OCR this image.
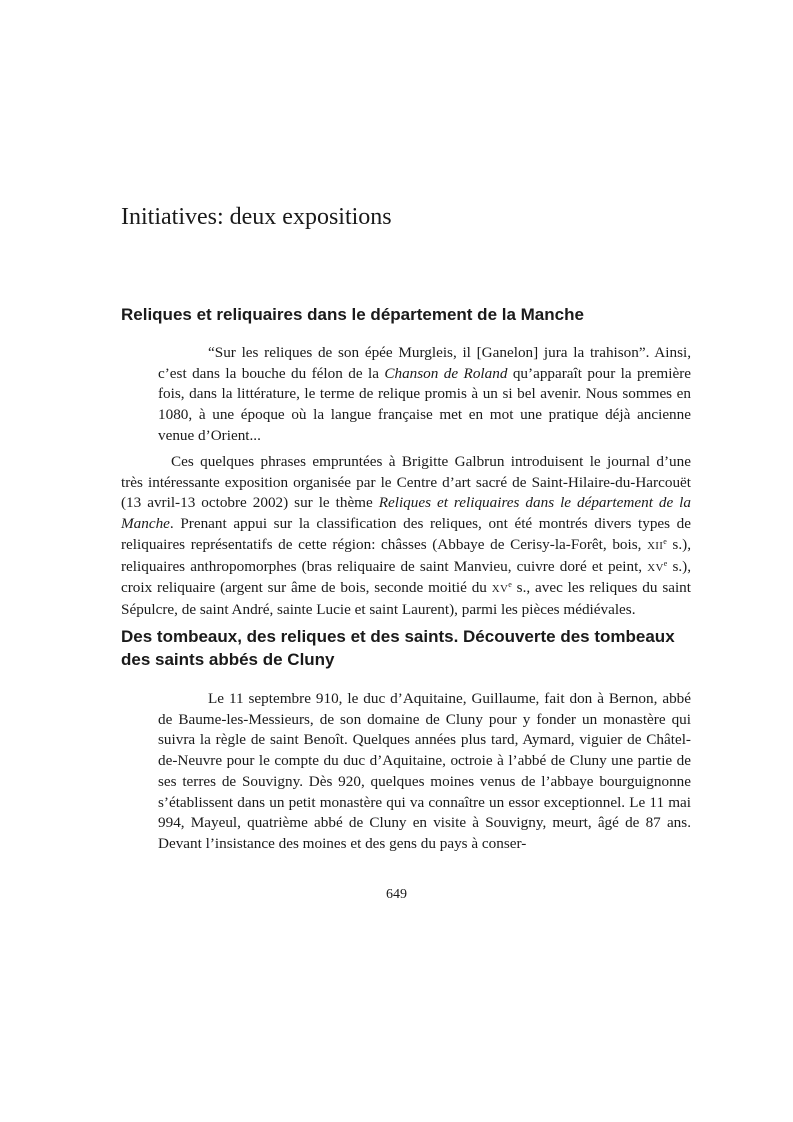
Initiatives: deux expositions
Reliques et reliquaires dans le département de la Manche

“Sur les reliques de son épée Murgleis, il [Ganelon] jura la trahison”. Ainsi, c’est dans la bouche du félon de la Chanson de Roland qu’apparaît pour la première fois, dans la littérature, le terme de relique promis à un si bel avenir. Nous sommes en 1080, à une époque où la langue française met en mot une pratique déjà ancienne venue d’Orient...

Ces quelques phrases empruntées à Brigitte Galbrun introduisent le journal d’une très intéressante exposition organisée par le Centre d’art sacré de Saint-Hilaire-du-Harcouët (13 avril-13 octobre 2002) sur le thème Reliques et reliquaires dans le département de la Manche. Prenant appui sur la classification des reliques, ont été montrés divers types de reliquaires représentatifs de cette région: châsses (Abbaye de Cerisy-la-Forêt, bois, XIIe s.), reliquaires anthropomorphes (bras reliquaire de saint Manvieu, cuivre doré et peint, XVe s.), croix reliquaire (argent sur âme de bois, seconde moitié du XVe s., avec les reliques du saint Sépulcre, de saint André, sainte Lucie et saint Laurent), parmi les pièces médiévales.

Des tombeaux, des reliques et des saints. Découverte des tombeaux des saints abbés de Cluny

Le 11 septembre 910, le duc d’Aquitaine, Guillaume, fait don à Bernon, abbé de Baume-les-Messieurs, de son domaine de Cluny pour y fonder un monastère qui suivra la règle de saint Benoît. Quelques années plus tard, Aymard, viguier de Châtel-de-Neuvre pour le compte du duc d’Aquitaine, octroie à l’abbé de Cluny une partie de ses terres de Souvigny. Dès 920, quelques moines venus de l’abbaye bourguignonne s’établissent dans un petit monastère qui va connaître un essor exceptionnel. Le 11 mai 994, Mayeul, quatrième abbé de Cluny en visite à Souvigny, meurt, âgé de 87 ans. Devant l’insistance des moines et des gens du pays à conser-

649
